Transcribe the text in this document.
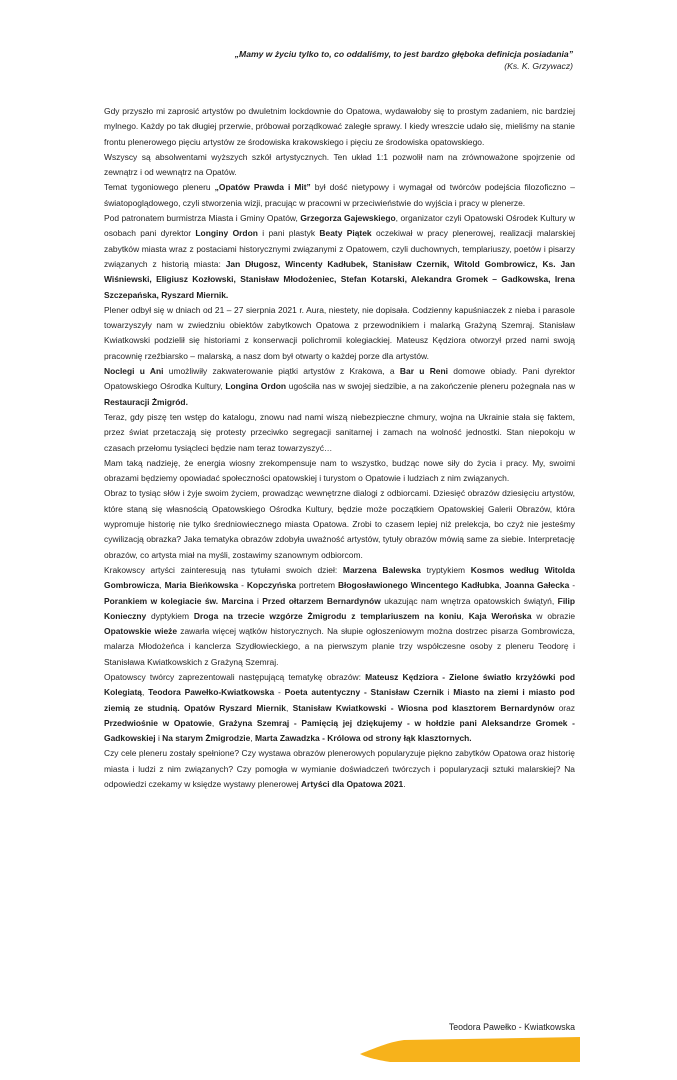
„Mamy w życiu tylko to, co oddaliśmy, to jest bardzo głęboka definicja posiadania”
(Ks. K. Grzywacz)

Gdy przyszło mi zaprosić artystów po dwuletnim lockdownie do Opatowa, wydawałoby się to prostym zadaniem, nic bardziej mylnego. Każdy po tak długiej przerwie, próbował porządkować zaległe sprawy. I kiedy wreszcie udało się, mieliśmy na stanie frontu plenerowego pięciu artystów ze środowiska krakowskiego i pięciu ze środowiska opatowskiego.

Wszyscy są absolwentami wyższych szkół artystycznych. Ten układ 1:1 pozwolił nam na zrównoważone spojrzenie od zewnątrz i od wewnątrz na Opatów.

Temat tygoniowego pleneru „Opatów Prawda i Mit” był dość nietypowy i wymagał od twórców podejścia filozoficzno – światopoglądowego, czyli stworzenia wizji, pracując w pracowni w przeciwieństwie do wyjścia i pracy w plenerze.

Pod patronatem burmistrza Miasta i Gminy Opatów, Grzegorza Gajewskiego, organizator czyli Opatowski Ośrodek Kultury w osobach pani dyrektor Longiny Ordon i pani plastyk Beaty Piątek oczekiwał w pracy plenerowej, realizacji malarskiej zabytków miasta wraz z postaciami historycznymi związanymi z Opatowem, czyli duchownych, templariuszy, poetów i pisarzy związanych z historią miasta: Jan Długosz, Wincenty Kadłubek, Stanisław Czernik, Witold Gombrowicz, Ks. Jan Wiśniewski, Eligiusz Kozłowski, Stanisław Młodożeniec, Stefan Kotarski, Alekandra Gromek – Gadkowska, Irena Szczepańska, Ryszard Miernik.

Plener odbył się w dniach od 21 – 27 sierpnia 2021 r. Aura, niestety, nie dopisała. Codzienny kapuśniaczek z nieba i parasole towarzyszyły nam w zwiedzniu obiektów zabytkowch Opatowa z przewodnikiem i malarką Grażyną Szemraj. Stanisław Kwiatkowski podzielił się historiami z konserwacji polichromii kolegiackiej. Mateusz Kędziora otworzył przed nami swoją pracownię rzeźbiarsko – malarską, a nasz dom był otwarty o każdej porze dla artystów.

Noclegi u Ani umożliwiły zakwaterowanie piątki artystów z Krakowa, a Bar u Reni domowe obiady. Pani dyrektor Opatowskiego Ośrodka Kultury, Longina Ordon ugościła nas w swojej siedzibie, a na zakończenie pleneru pożegnała nas w Restauracji Żmigród.

Teraz, gdy piszę ten wstęp do katalogu, znowu nad nami wiszą niebezpieczne chmury, wojna na Ukrainie stała się faktem, przez świat przetaczają się protesty przeciwko segregacji sanitarnej i zamach na wolność jednostki. Stan niepokoju w czasach przełomu tysiącleci będzie nam teraz towarzyszyć…

Mam taką nadzieję, że energia wiosny zrekompensuje nam to wszystko, budząc nowe siły do życia i pracy. My, swoimi obrazami będziemy opowiadać społeczności opatowskiej i turystom o Opatowie i ludziach z nim związanych.

Obraz to tysiąc słów i żyje swoim życiem, prowadząc wewnętrzne dialogi z odbiorcami. Dziesięć obrazów dziesięciu artystów, które staną się własnością Opatowskiego Ośrodka Kultury, będzie może początkiem Opatowskiej Galerii Obrazów, która wypromuje historię nie tylko średniowiecznego miasta Opatowa. Zrobi to czasem lepiej niż prelekcja, bo czyż nie jesteśmy cywilizacją obrazka? Jaka tematyka obrazów zdobyła uważność artystów, tytuły obrazów mówią same za siebie. Interpretację obrazów, co artysta miał na myśli, zostawimy szanownym odbiorcom.

Krakowscy artyści zainteresują nas tytułami swoich dzieł: Marzena Balewska tryptykiem Kosmos według Witolda Gombrowicza, Maria Bieńkowska - Kopczyńska portretem Błogosławionego Wincentego Kadłubka, Joanna Gałecka - Porankiem w kolegiacie św. Marcina i Przed ołtarzem Bernardynów ukazując nam wnętrza opatowskich świątyń, Filip Konieczny dyptykiem Droga na trzecie wzgórze Żmigrodu z templariuszem na koniu, Kaja Werońska w obrazie Opatowskie wieże zawarła więcej wątków historycznych. Na słupie ogłoszeniowym można dostrzec pisarza Gombrowicza, malarza Młodożeńca i kanclerza Szydłowieckiego, a na pierwszym planie trzy współczesne osoby z pleneru Teodorę i Stanisława Kwiatkowskich z Grażyną Szemraj.

Opatowscy twórcy zaprezentowali następującą tematykę obrazów: Mateusz Kędziora - Zielone światło krzyżówki pod Kolegiatą, Teodora Pawełko-Kwiatkowska - Poeta autentyczny - Stanisław Czernik i Miasto na ziemi i miasto pod ziemią ze studnią. Opatów Ryszard Miernik, Stanisław Kwiatkowski - Wiosna pod klasztorem Bernardynów oraz Przedwiośnie w Opatowie, Grażyna Szemraj - Pamięcią jej dziękujemy - w hołdzie pani Aleksandrze Gromek - Gadkowskiej i Na starym Żmigrodzie, Marta Zawadzka - Królowa od strony łąk klasztornych.

Czy cele pleneru zostały spełnione? Czy wystawa obrazów plenerowych popularyzuje piękno zabytków Opatowa oraz historię miasta i ludzi z nim związanych? Czy pomogła w wymianie doświadczeń twórczych i popularyzacji sztuki malarskiej? Na odpowiedzi czekamy w księdze wystawy plenerowej Artyści dla Opatowa 2021.

Teodora Pawełko - Kwiatkowska
